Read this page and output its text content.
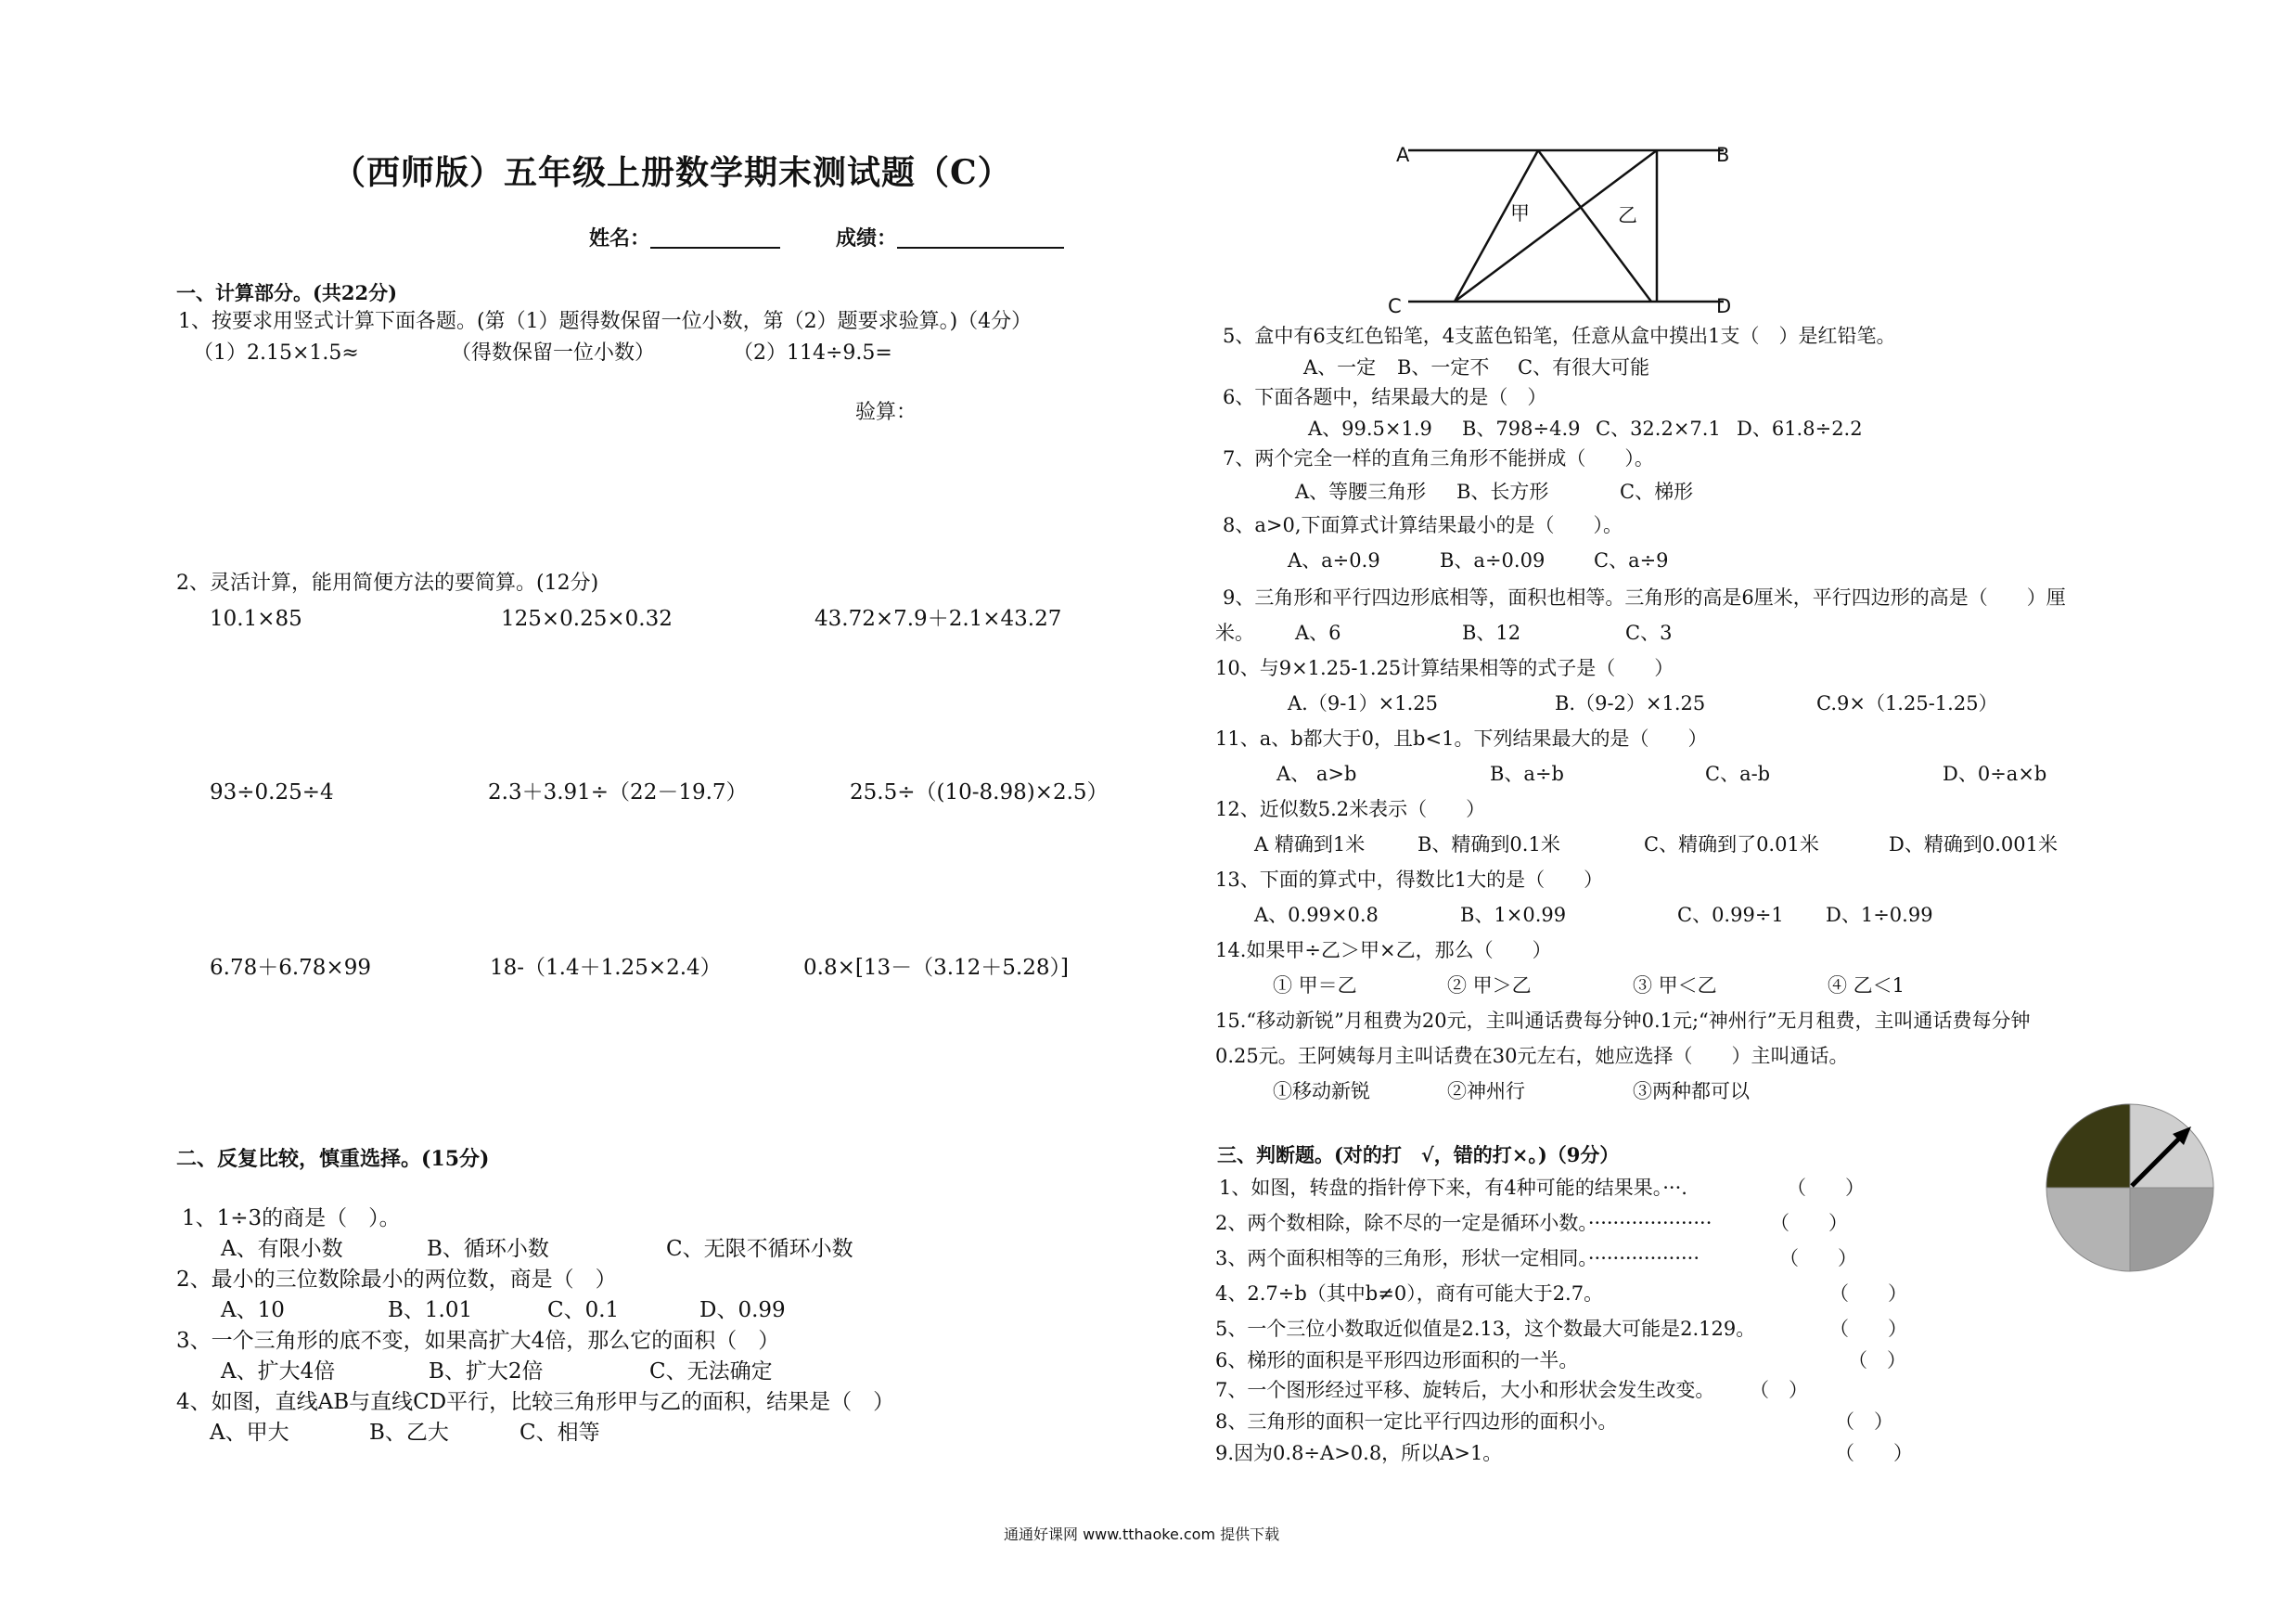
（西师版）五年级上册数学期末测试题（C）
姓名：	成绩：
一、计算部分。(共22分)
1、按要求用竖式计算下面各题。(第（1）题得数保留一位小数，第（2）题要求验算。)（4分）
（1）2.15×1.5≈	（得数保留一位小数）	（2）114÷9.5=
验算：
2、灵活计算，能用简便方法的要简算。(12分)
10.1×85	125×0.25×0.32	43.72×7.9＋2.1×43.27
93÷0.25÷4	2.3＋3.91÷（22－19.7）	25.5÷（(10-8.98)×2.5）
6.78＋6.78×99	18-（1.4＋1.25×2.4）	0.8×[13－（3.12＋5.28）]
二、反复比较，慎重选择。(15分)
1、1÷3的商是（　）。
A、有限小数	B、循环小数	C、无限不循环小数
2、最小的三位数除最小的两位数，商是（　）
A、10	B、1.01	C、0.1	D、0.99
3、一个三角形的底不变，如果高扩大4倍，那么它的面积（　）
A、扩大4倍	B、扩大2倍	C、无法确定
4、如图，直线AB与直线CD平行，比较三角形甲与乙的面积，结果是（　）
A、甲大	B、乙大	C、相等
A	B
C	D
甲	乙
5、盒中有6支红色铅笔，4支蓝色铅笔，任意从盒中摸出1支（　）是红铅笔。
A、一定 B、一定不 C、有很大可能
6、下面各题中，结果最大的是（　）
A、99.5×1.9 B、798÷4.9 C、32.2×7.1 D、61.8÷2.2
7、两个完全一样的直角三角形不能拼成（　　）。
A、等腰三角形 B、长方形	C、梯形
8、a>0,下面算式计算结果最小的是（　　）。
A、a÷0.9	B、a÷0.09	C、a÷9
9、三角形和平行四边形底相等，面积也相等。三角形的高是6厘米，平行四边形的高是（　　）厘
米。 A、6	B、12	C、3
10、与9×1.25-1.25计算结果相等的式子是（　　）
A.（9-1）×1.25	B.（9-2）×1.25	C.9×（1.25-1.25）
11、a、b都大于0，且b<1。下列结果最大的是（　　）
A、 a>b	B、a÷b	C、a-b	D、0÷a×b
12、近似数5.2米表示（　　）
A 精确到1米	B、精确到0.1米	C、精确到了0.01米	D、精确到0.001米
13、下面的算式中，得数比1大的是（　　）
A、0.99×0.8	B、1×0.99	C、0.99÷1 D、1÷0.99
14.如果甲÷乙＞甲×乙，那么（　　）
① 甲＝乙	② 甲＞乙	③ 甲＜乙	④ 乙＜1
15.“移动新锐”月租费为20元，主叫通话费每分钟0.1元;“神州行”无月租费，主叫通话费每分钟
0.25元。王阿姨每月主叫话费在30元左右，她应选择（　　）主叫通话。
①移动新锐	②神州行	③两种都可以
三、判断题。(对的打　√，错的打×。)（9分）
1、如图，转盘的指针停下来，有4种可能的结果果。···.	（　　）
2、两个数相除，除不尽的一定是循环小数。····················	（　　）
3、两个面积相等的三角形，形状一定相同。··················	（　　）
4、2.7÷b（其中b≠0），商有可能大于2.7。	（　　）
5、一个三位小数取近似值是2.13，这个数最大可能是2.129。	（　　）
6、梯形的面积是平形四边形面积的一半。	（　）
7、一个图形经过平移、旋转后，大小和形状会发生改变。 （　）
8、三角形的面积一定比平行四边形的面积小。	（　）
9.因为0.8÷A>0.8，所以A>1。	（　　）
通通好课网 www.tthaoke.com 提供下载
